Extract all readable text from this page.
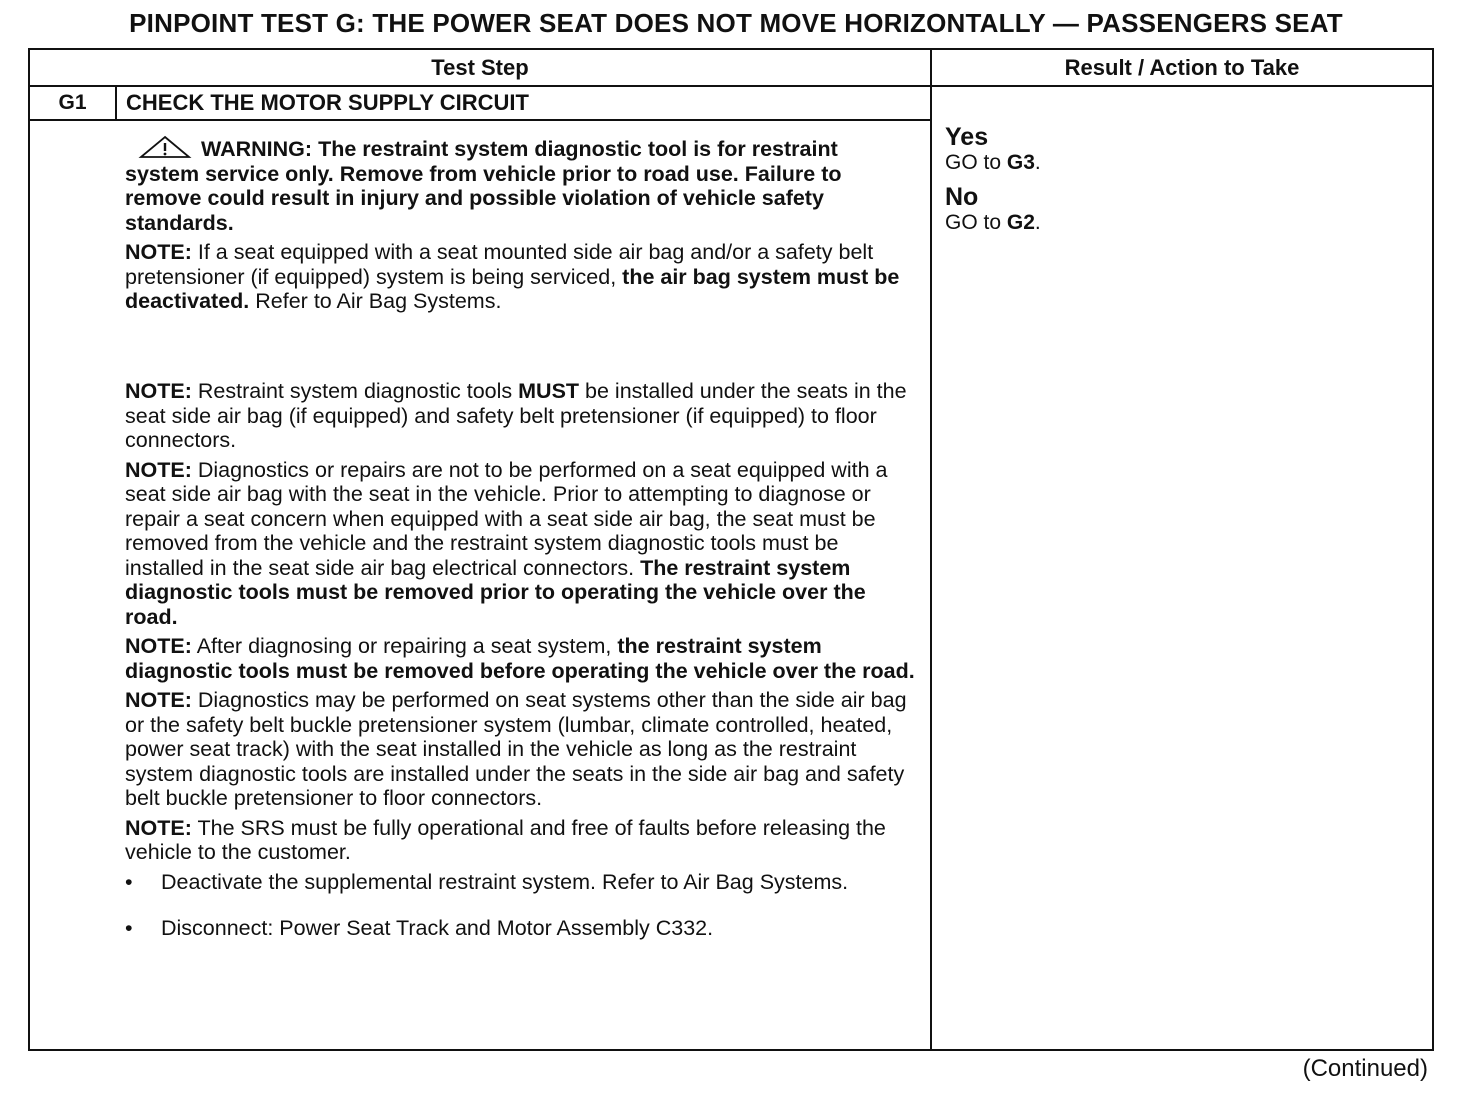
PINPOINT TEST G: THE POWER SEAT DOES NOT MOVE HORIZONTALLY — PASSENGERS SEAT
Test Step	Result / Action to Take
G1	CHECK THE MOTOR SUPPLY CIRCUIT

WARNING: The restraint system diagnostic tool is for restraint system service only. Remove from vehicle prior to road use. Failure to remove could result in injury and possible violation of vehicle safety standards.

NOTE: If a seat equipped with a seat mounted side air bag and/or a safety belt pretensioner (if equipped) system is being serviced, the air bag system must be deactivated. Refer to Air Bag Systems.

NOTE: Restraint system diagnostic tools MUST be installed under the seats in the seat side air bag (if equipped) and safety belt pretensioner (if equipped) to floor connectors.

NOTE: Diagnostics or repairs are not to be performed on a seat equipped with a seat side air bag with the seat in the vehicle. Prior to attempting to diagnose or repair a seat concern when equipped with a seat side air bag, the seat must be removed from the vehicle and the restraint system diagnostic tools must be installed in the seat side air bag electrical connectors. The restraint system diagnostic tools must be removed prior to operating the vehicle over the road.

NOTE: After diagnosing or repairing a seat system, the restraint system diagnostic tools must be removed before operating the vehicle over the road.

NOTE: Diagnostics may be performed on seat systems other than the side air bag or the safety belt buckle pretensioner system (lumbar, climate controlled, heated, power seat track) with the seat installed in the vehicle as long as the restraint system diagnostic tools are installed under the seats in the side air bag and safety belt buckle pretensioner to floor connectors.

NOTE: The SRS must be fully operational and free of faults before releasing the vehicle to the customer.

• Deactivate the supplemental restraint system. Refer to Air Bag Systems.

• Disconnect: Power Seat Track and Motor Assembly C332.

Yes
GO to G3.
No
GO to G2.
(Continued)
